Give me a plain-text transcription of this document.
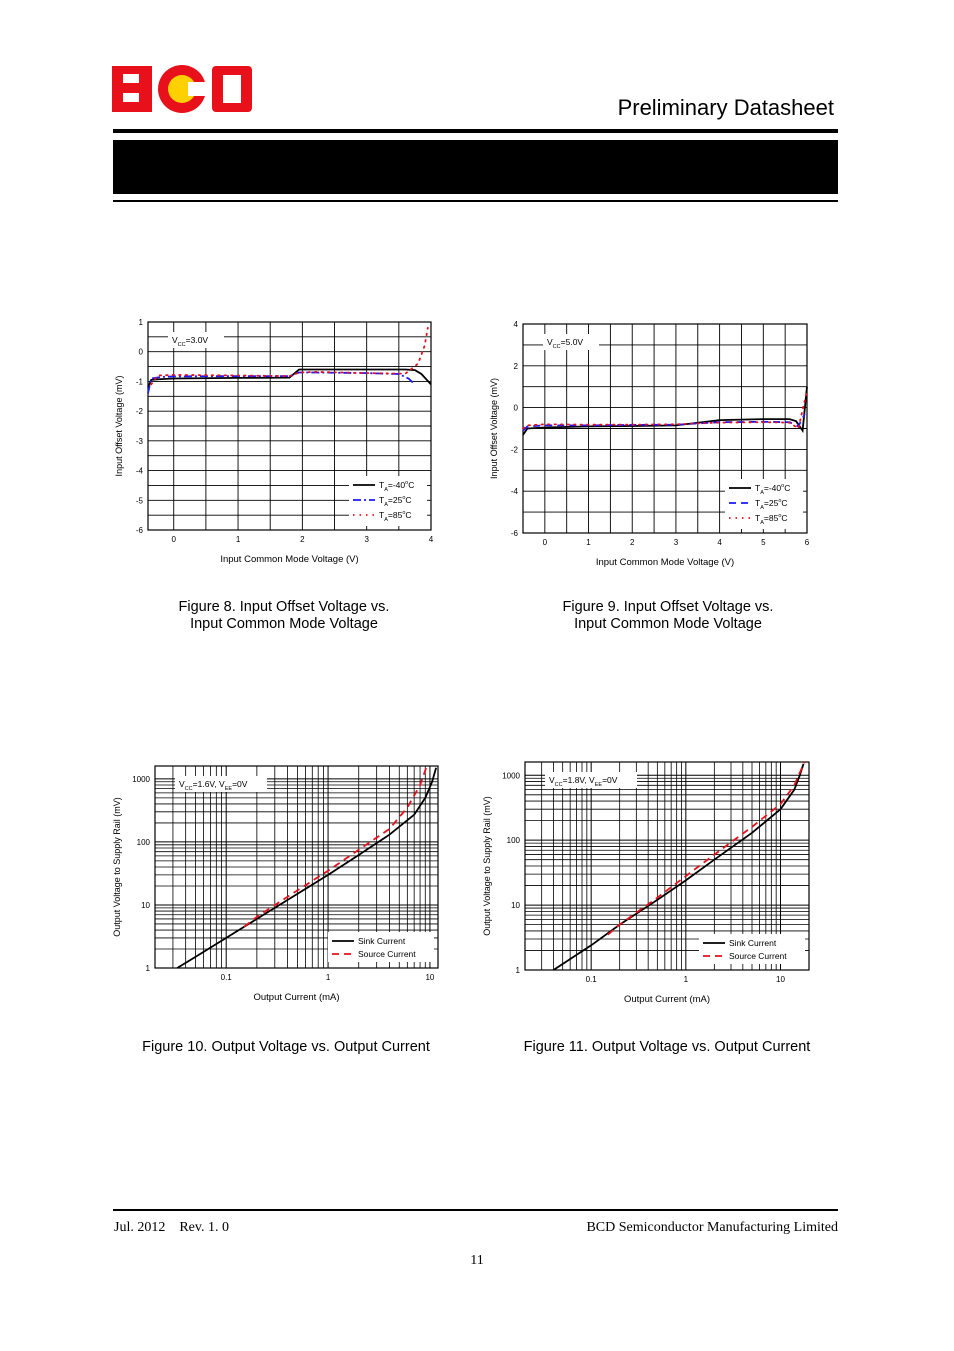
Preliminary Datasheet
0	1	2	3	4
1
0
-1
-2
-3
-4
-5
-6
Input Common Mode Voltage (V)
Input Offset Voltage (mV)
$V_{CC}=3.0V$
$T_A=-40^oC$
$T_A=25^oC$
$T_A=85^oC$
0	1	2	3	4	5	6
4
2
0
-2
-4
-6
Input Common Mode Voltage (V)
Input Offset Voltage (mV)
$V_{CC}=5.0V$
$T_A=-40^oC$
$T_A=25^oC$
$T_A=85^oC$
0.1	1	10
1
10
100
1000
Output Current (mA)
Output Voltage to Supply Rail (mV)
$V_{CC}=1.6V$, $V_{EE}=0V$
Sink Current
Source Current
0.1	1	10
1
10
100
1000
Output Current (mA)
Output Voltage to Supply Rail (mV)
$V_{CC}=1.8V$, $V_{EE}=0V$
Sink Current
Source Current
Figure 8. Input Offset Voltage vs.
Input Common Mode Voltage
Figure 9. Input Offset Voltage vs.
Input Common Mode Voltage
Figure 10. Output Voltage vs. Output Current	Figure 11. Output Voltage vs. Output Current
Jul. 2012    Rev. 1. 0	BCD Semiconductor Manufacturing Limited
11
